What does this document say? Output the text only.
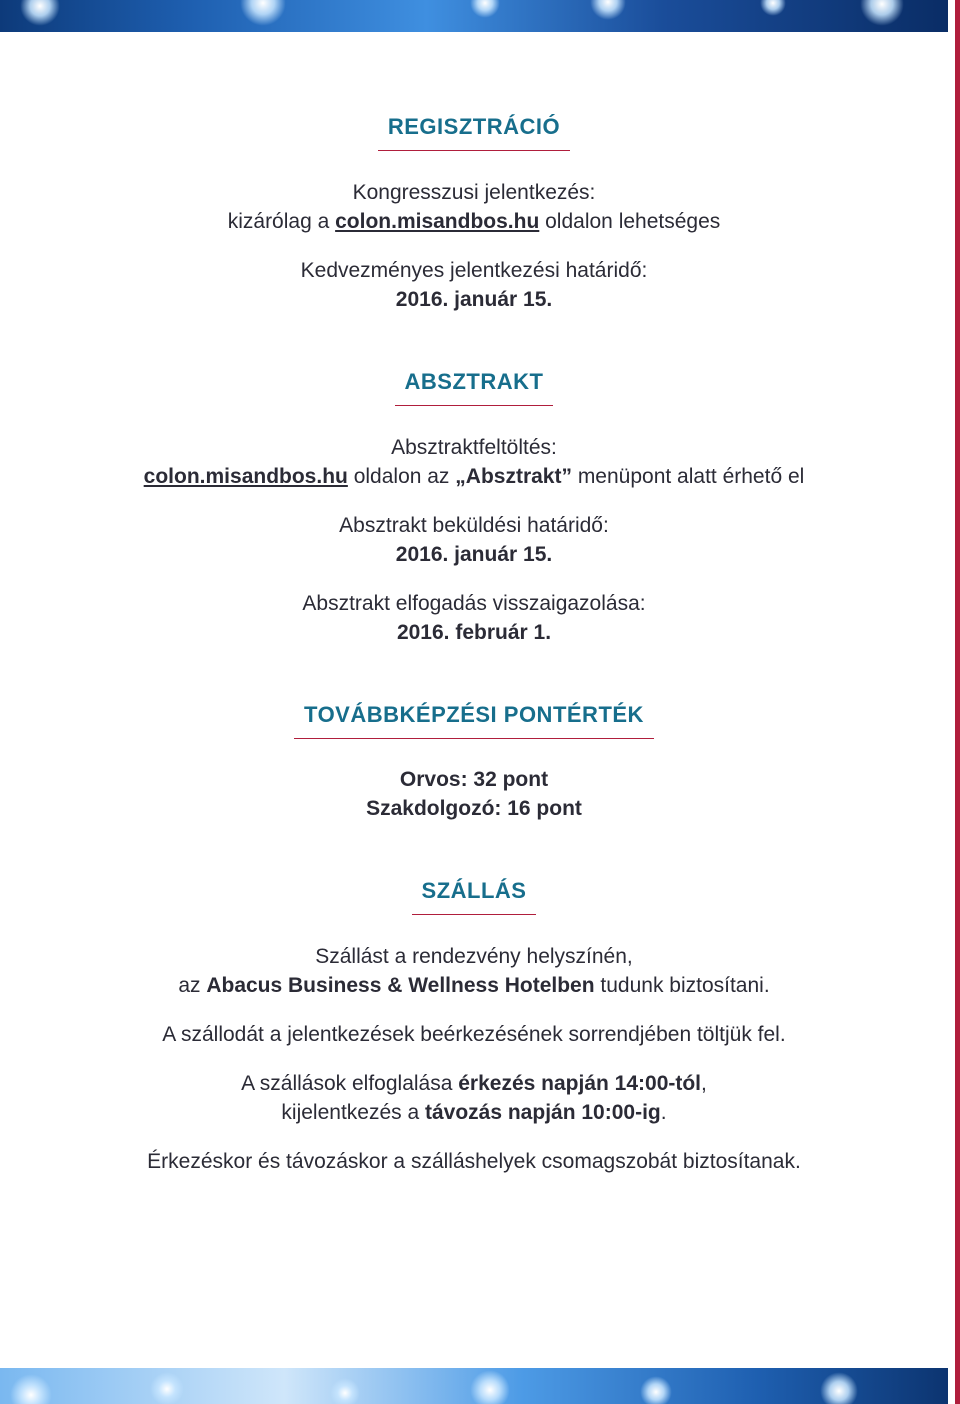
REGISZTRÁCIÓ
Kongresszusi jelentkezés:
kizárólag a colon.misandbos.hu oldalon lehetséges
Kedvezményes jelentkezési határidő:
2016. január 15.
ABSZTRAKT
Absztraktfeltöltés:
colon.misandbos.hu oldalon az „Absztrakt” menüpont alatt érhető el
Absztrakt beküldési határidő:
2016. január 15.
Absztrakt elfogadás visszaigazolása:
2016. február 1.
TOVÁBBKÉPZÉSI PONTÉRTÉK
Orvos: 32 pont
Szakdolgozó: 16 pont
SZÁLLÁS
Szállást a rendezvény helyszínén,
az Abacus Business & Wellness Hotelben tudunk biztosítani.
A szállodát a jelentkezések beérkezésének sorrendjében töltjük fel.
A szállások elfoglalása érkezés napján 14:00-tól,
kijelentkezés a távozás napján 10:00-ig.
Érkezéskor és távozáskor a szálláshelyek csomagszobát biztosítanak.
